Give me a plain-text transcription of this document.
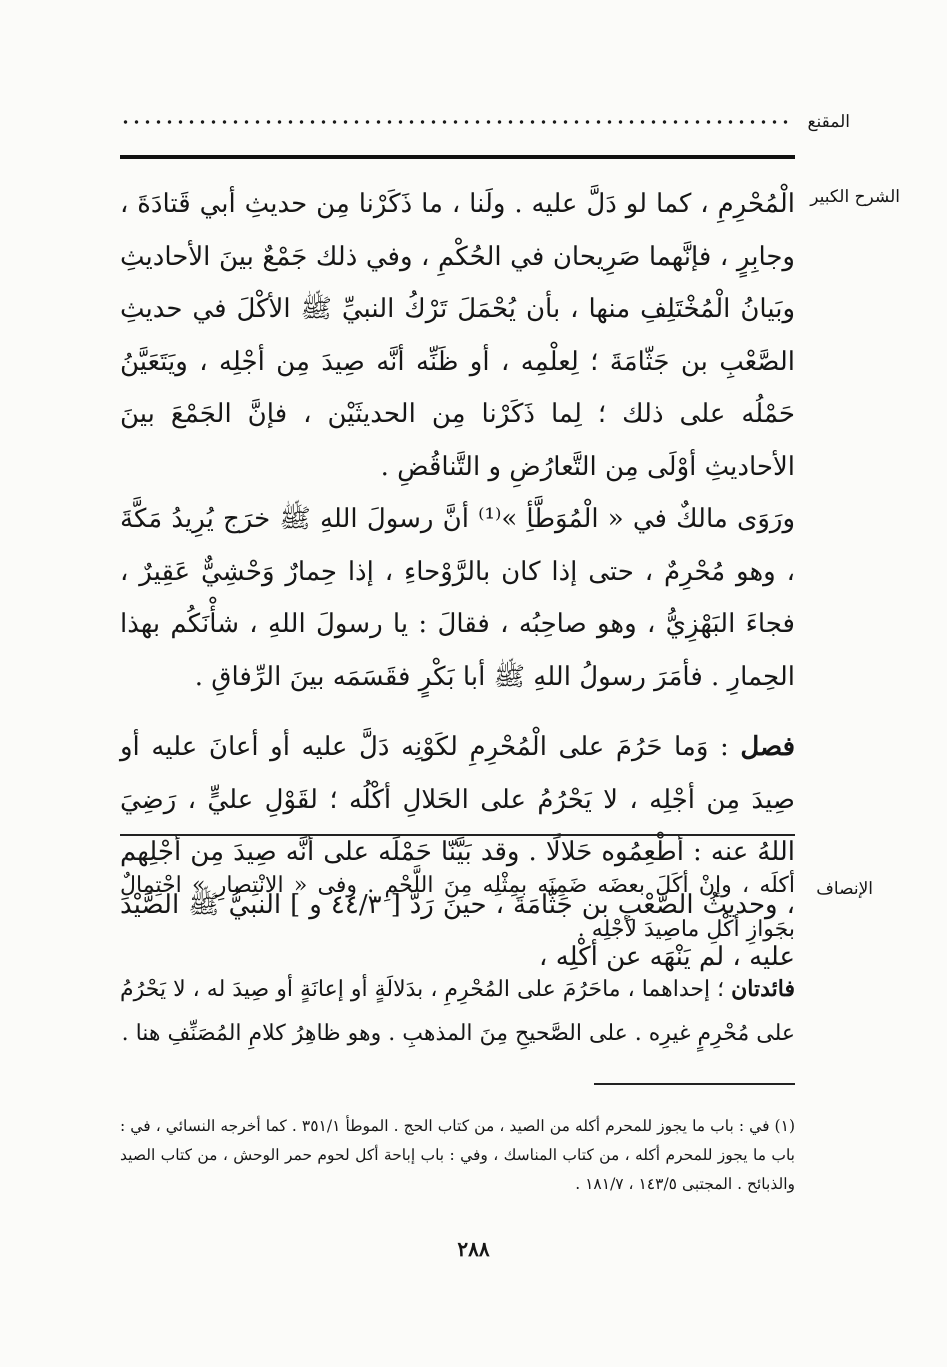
المقنع
الشرح الكبير
الإنصاف

الْمُحْرِمِ ، كما لو دَلَّ عليه . ولَنا ، ما ذَكَرْنا مِن حديثِ أبي قَتادَةَ ، وجابِرٍ ، فإنَّهما صَرِيحان في الحُكْمِ ، وفي ذلك جَمْعٌ بينَ الأحاديثِ وبَيانُ الْمُخْتَلِفِ منها ، بأن يُحْمَلَ تَرْكُ النبيِّ ﷺ الأكْلَ في حديثِ الصَّعْبِ بن جَثّامَةَ ؛ لِعلْمِه ، أو ظَنِّه أنَّه صِيدَ مِن أجْلِه ، ويَتَعَيَّنُ حَمْلُه على ذلك ؛ لِما ذَكَرْنا مِن الحديثَيْن ، فإنَّ الجَمْعَ بينَ الأحاديثِ أوْلَى مِن التَّعارُضِ و التَّناقُضِ .

ورَوَى مالكٌ في « الْمُوَطَّأِ »⁽¹⁾ أنَّ رسولَ اللهِ ﷺ خرَج يُرِيدُ مَكَّةَ ، وهو مُحْرِمٌ ، حتى إذا كان بالرَّوْحاءِ ، إذا حِمارٌ وَحْشِيٌّ عَقِيرٌ ، فجاءَ البَهْزِيُّ ، وهو صاحِبُه ، فقالَ : يا رسولَ اللهِ ، شأْنَكُم بهذا الحِمارِ . فأمَرَ رسولُ اللهِ ﷺ أبا بَكْرٍ فقَسَمَه بينَ الرِّفاقِ .

فصل : وَما حَرُمَ على الْمُحْرِمِ لكَوْنِه دَلَّ عليه أو أعانَ عليه أو صِيدَ مِن أجْلِه ، لا يَحْرُمُ على الحَلالِ أكْلُه ؛ لقَوْلِ عليٍّ ، رَضِيَ اللهُ عنه : أطْعِمُوه حَلالًا . وقد بَيَّنّا حَمْلَه على أنَّه صِيدَ مِن أجْلِهم ، وحديثُ الصَّعْبِ بن جَثّامَةَ ، حينَ رَدَّ [ ٤٤/٣ و ] النبيُّ ﷺ الصَّيْدَ عليه ، لم يَنْهَه عن أكْلِه ،

أكلَه ، وإنْ أكَلَ بعضَه ضَمِنَه بمِثْلِه مِنَ اللَّحْمِ . وفى « الانْتِصارِ » احْتِمالٌ بجَوازِ أكْلِ ماصِيدَ لأجْلِه .

فائدتان ؛ إحداهما ، ماحَرُمَ على المُحْرِمِ ، بدَلالَةٍ أو إعانَةٍ أو صِيدَ له ، لا يَحْرُمُ على مُحْرِمٍ غيرِه . على الصَّحيحِ مِنَ المذهبِ . وهو ظاهِرُ كلامِ المُصَنِّفِ هنا .

(١) في : باب ما يجوز للمحرم أكله من الصيد ، من كتاب الحج . الموطأ ٣٥١/١ . كما أخرجه النسائي ، في : باب ما يجوز للمحرم أكله ، من كتاب المناسك ، وفي : باب إباحة أكل لحوم حمر الوحش ، من كتاب الصيد والذبائح . المجتبى ١٤٣/٥ ، ١٨١/٧ .

٢٨٨
